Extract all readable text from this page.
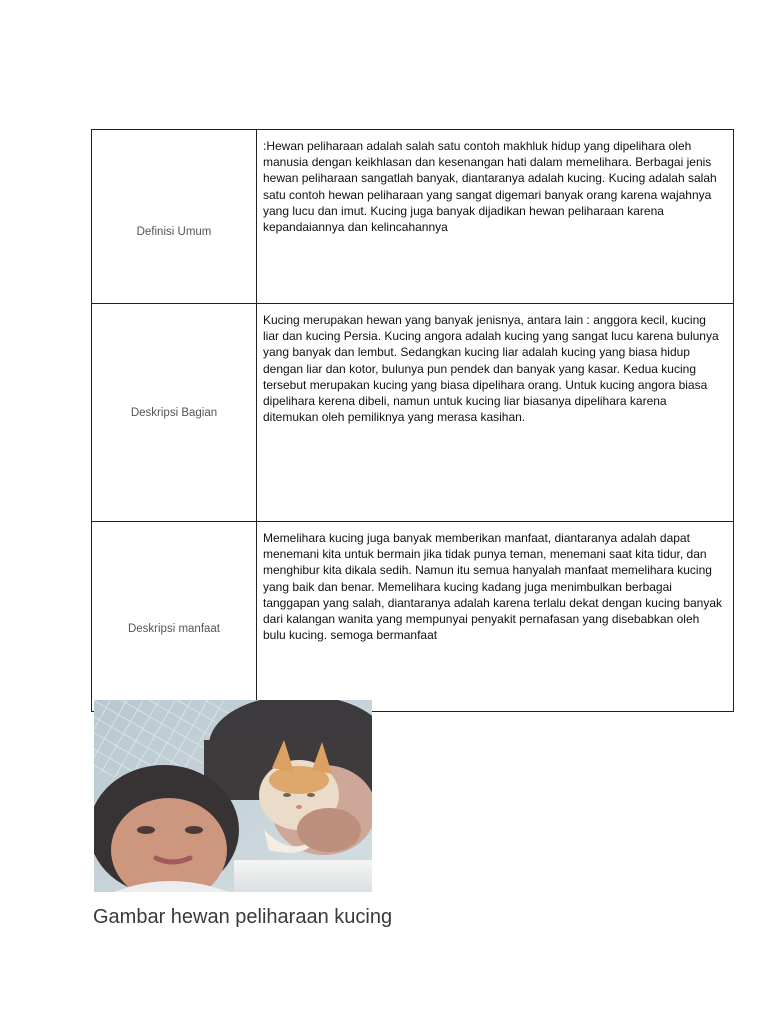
Definisi Umum	:Hewan peliharaan adalah salah satu contoh makhluk hidup yang dipelihara oleh manusia dengan keikhlasan dan kesenangan hati dalam memelihara. Berbagai jenis hewan peliharaan sangatlah banyak, diantaranya adalah kucing. Kucing adalah salah satu contoh hewan peliharaan yang sangat digemari banyak orang karena wajahnya yang lucu dan imut. Kucing juga banyak dijadikan hewan peliharaan karena kepandaiannya dan kelincahannya
Deskripsi Bagian	Kucing merupakan hewan yang banyak jenisnya, antara lain : anggora kecil, kucing liar dan kucing Persia. Kucing angora adalah kucing yang sangat lucu karena bulunya yang banyak dan lembut. Sedangkan kucing liar adalah kucing yang biasa hidup dengan liar dan kotor, bulunya pun pendek dan banyak yang kasar. Kedua kucing tersebut merupakan kucing yang biasa dipelihara orang. Untuk kucing angora biasa dipelihara kerena dibeli, namun untuk kucing liar biasanya dipelihara karena ditemukan oleh pemiliknya yang merasa kasihan.
Deskripsi manfaat	Memelihara kucing juga banyak memberikan manfaat, diantaranya adalah dapat menemani kita untuk bermain jika tidak punya teman, menemani saat kita tidur, dan menghibur kita dikala sedih. Namun itu semua hanyalah manfaat memelihara kucing yang baik dan benar. Memelihara kucing kadang juga menimbulkan berbagai tanggapan yang salah, diantaranya adalah karena terlalu dekat dengan kucing banyak dari kalangan wanita yang mempunyai penyakit pernafasan yang disebabkan oleh bulu kucing. semoga bermanfaat
Gambar hewan peliharaan kucing
